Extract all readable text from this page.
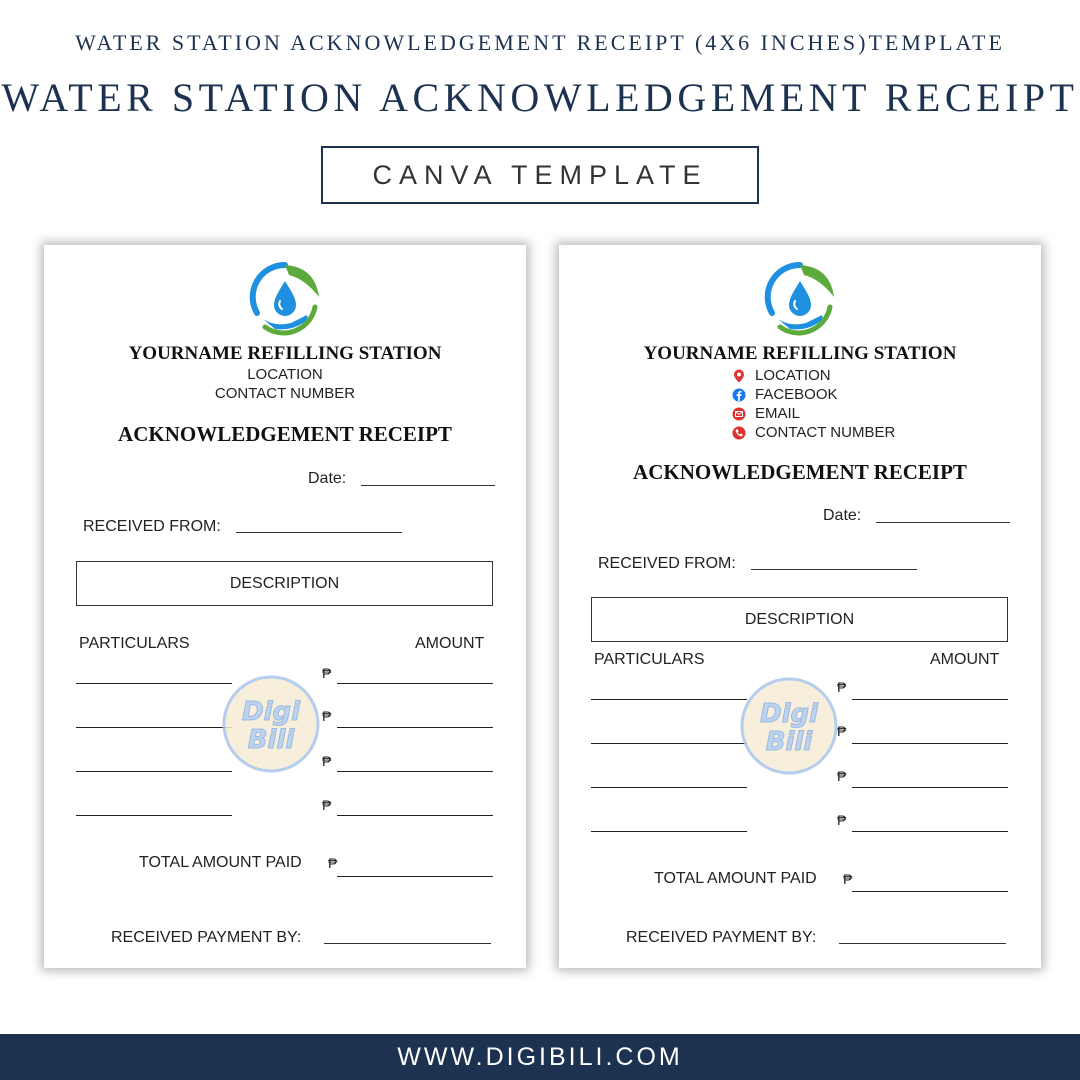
WATER STATION ACKNOWLEDGEMENT RECEIPT (4X6 INCHES)TEMPLATE
WATER STATION ACKNOWLEDGEMENT RECEIPT
CANVA TEMPLATE
YOURNAME REFILLING STATION
LOCATION
CONTACT NUMBER
ACKNOWLEDGEMENT RECEIPT
Date:
RECEIVED FROM:
DESCRIPTION
PARTICULARS	AMOUNT
₱
₱
₱
₱
TOTAL AMOUNT PAID ₱
RECEIVED PAYMENT BY:
Digi
Bili
YOURNAME REFILLING STATION
LOCATION
FACEBOOK
EMAIL
CONTACT NUMBER
ACKNOWLEDGEMENT RECEIPT
Date:
RECEIVED FROM:
DESCRIPTION
PARTICULARS	AMOUNT
₱
₱
₱
₱
TOTAL AMOUNT PAID ₱
RECEIVED PAYMENT BY:
Digi
Bili
WWW.DIGIBILI.COM
